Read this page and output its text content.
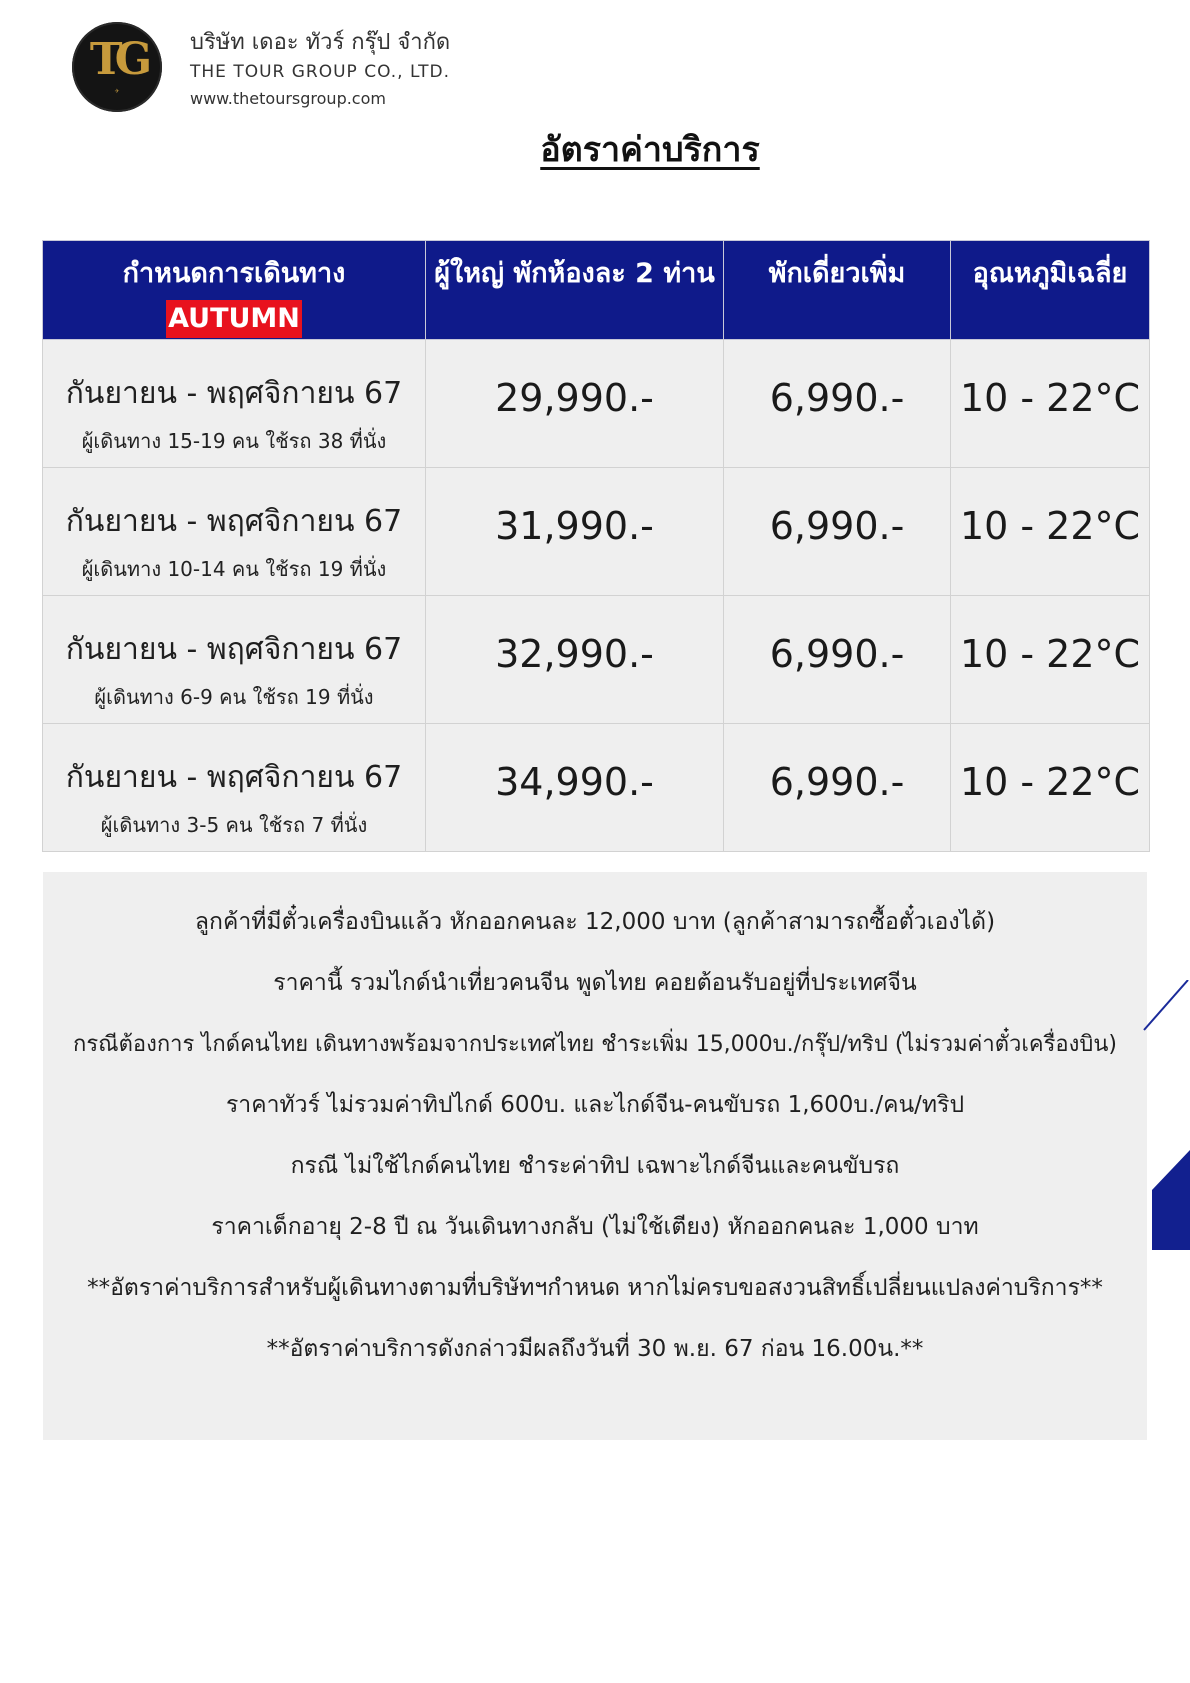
TG
✈
บริษัท เดอะ ทัวร์ กรุ๊ป จำกัด
THE TOUR GROUP CO., LTD.
www.thetoursgroup.com
อัตราค่าบริการ
กำหนดการเดินทาง
AUTUMN	ผู้ใหญ่ พักห้องละ 2 ท่าน	พักเดี่ยวเพิ่ม	อุณหภูมิเฉลี่ย

กันยายน - พฤศจิกายน 67
ผู้เดินทาง 15-19 คน ใช้รถ 38 ที่นั่ง	29,990.-	6,990.-	10 - 22°C

กันยายน - พฤศจิกายน 67
ผู้เดินทาง 10-14 คน ใช้รถ 19 ที่นั่ง	31,990.-	6,990.-	10 - 22°C

กันยายน - พฤศจิกายน 67
ผู้เดินทาง 6-9 คน ใช้รถ 19 ที่นั่ง	32,990.-	6,990.-	10 - 22°C

กันยายน - พฤศจิกายน 67
ผู้เดินทาง 3-5 คน ใช้รถ 7 ที่นั่ง	34,990.-	6,990.-	10 - 22°C
ลูกค้าที่มีตั๋วเครื่องบินแล้ว หักออกคนละ 12,000 บาท (ลูกค้าสามารถซื้อตั๋วเองได้)
ราคานี้ รวมไกด์นำเที่ยวคนจีน พูดไทย คอยต้อนรับอยู่ที่ประเทศจีน
กรณีต้องการ ไกด์คนไทย เดินทางพร้อมจากประเทศไทย ชำระเพิ่ม 15,000บ./กรุ๊ป/ทริป (ไม่รวมค่าตั๋วเครื่องบิน)
ราคาทัวร์ ไม่รวมค่าทิปไกด์ 600บ. และไกด์จีน-คนขับรถ 1,600บ./คน/ทริป
กรณี ไม่ใช้ไกด์คนไทย ชำระค่าทิป เฉพาะไกด์จีนและคนขับรถ
ราคาเด็กอายุ 2-8 ปี ณ วันเดินทางกลับ (ไม่ใช้เตียง) หักออกคนละ 1,000 บาท
**อัตราค่าบริการสำหรับผู้เดินทางตามที่บริษัทฯกำหนด หากไม่ครบขอสงวนสิทธิ์เปลี่ยนแปลงค่าบริการ**
**อัตราค่าบริการดังกล่าวมีผลถึงวันที่ 30 พ.ย. 67 ก่อน 16.00น.**
